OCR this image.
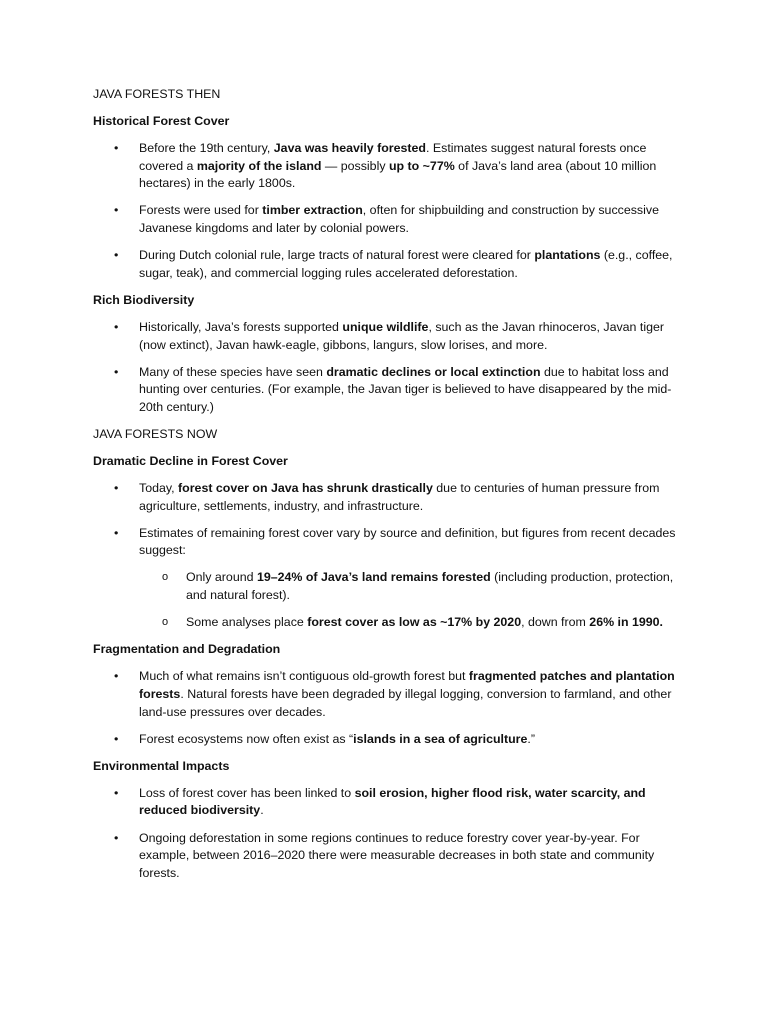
JAVA FORESTS THEN

Historical Forest Cover

• Before the 19th century, Java was heavily forested. Estimates suggest natural forests once covered a majority of the island — possibly up to ~77% of Java’s land area (about 10 million hectares) in the early 1800s.
• Forests were used for timber extraction, often for shipbuilding and construction by successive Javanese kingdoms and later by colonial powers.
• During Dutch colonial rule, large tracts of natural forest were cleared for plantations (e.g., coffee, sugar, teak), and commercial logging rules accelerated deforestation.

Rich Biodiversity

• Historically, Java’s forests supported unique wildlife, such as the Javan rhinoceros, Javan tiger (now extinct), Javan hawk-eagle, gibbons, langurs, slow lorises, and more.
• Many of these species have seen dramatic declines or local extinction due to habitat loss and hunting over centuries. (For example, the Javan tiger is believed to have disappeared by the mid-20th century.)

JAVA FORESTS NOW

Dramatic Decline in Forest Cover

• Today, forest cover on Java has shrunk drastically due to centuries of human pressure from agriculture, settlements, industry, and infrastructure.
• Estimates of remaining forest cover vary by source and definition, but figures from recent decades suggest:
o Only around 19–24% of Java’s land remains forested (including production, protection, and natural forest).
o Some analyses place forest cover as low as ~17% by 2020, down from 26% in 1990.

Fragmentation and Degradation

• Much of what remains isn’t contiguous old-growth forest but fragmented patches and plantation forests. Natural forests have been degraded by illegal logging, conversion to farmland, and other land-use pressures over decades.
• Forest ecosystems now often exist as “islands in a sea of agriculture.”

Environmental Impacts

• Loss of forest cover has been linked to soil erosion, higher flood risk, water scarcity, and reduced biodiversity.
• Ongoing deforestation in some regions continues to reduce forestry cover year-by-year. For example, between 2016–2020 there were measurable decreases in both state and community forests.
